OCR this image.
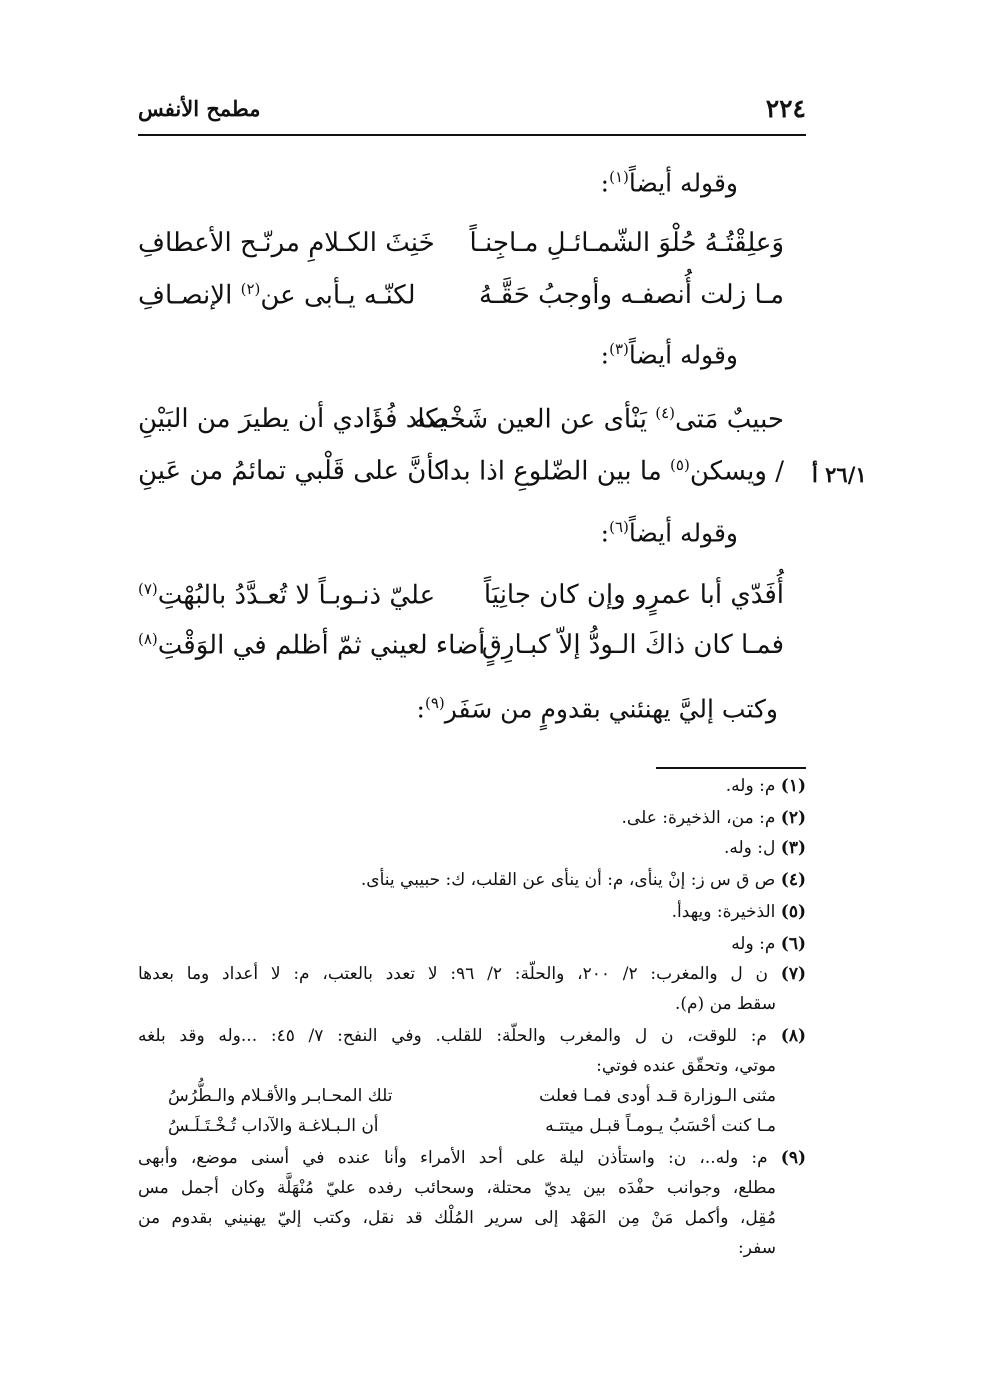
٢٢٤
مطمح الأنفس
وقوله أيضاً$^{(١)}$:
وَعلِقْتُـهُ حُلْوَ الشّمـائـلِ مـاجِنـاً
خَنِثَ الكـلامِ مرنّـح الأعطافِ
مـا زلت أُنصفـه وأوجبُ حَقَّـهُ
لكنّـه يـأبى عن$^{(٢)}$ الإنصـافِ
وقوله أيضاً$^{(٣)}$:
حبيبٌ مَتى$^{(٤)}$ يَنْأى عن العين شَخْصه
يكاد فُؤَادي أن يطيرَ من البَيْنِ
/ ويسكن$^{(٥)}$ ما بين الضّلوعِ اذا بدا
كأنَّ على قَلْبي تمائمُ من عَينِ	أ ٢٦/١
وقوله أيضاً$^{(٦)}$:
أُفَدّي أبا عمرٍو وإن كان جانِيَاً
عليّ ذنـوبـاً لا تُعـدَّدُ بالبُهْتِ$^{(٧)}$
فمـا كان ذاكَ الـودُّ إلاّ كبـارِقٍ
أضاء لعيني ثمّ أظلم في الوَقْتِ$^{(٨)}$
وكتب إليَّ يهنئني بقدومٍ من سَفَر$^{(٩)}$:
(١) م: وله.
(٢) م: من، الذخيرة: على.
(٣) ل: وله.
(٤) ص ق س ز: إنْ ينأى، م: أن ينأى عن القلب، ك: حبيبي ينأى.
(٥) الذخيرة: ويهدأ.
(٦) م: وله
(٧) ن ل والمغرب: ٢/ ٢٠٠، والحلّة: ٢/ ٩٦: لا تعدد بالعتب، م: لا أعداد وما بعدها
سقط من (م).
(٨) م: للوقت، ن ل والمغرب والحلّة: للقلب. وفي النفح: ٧/ ٤٥: ...وله وقد بلغه
موتي، وتحقّق عنده فوتي:
مثنى الـوزارة قـد أودى فمـا فعلت
تلك المحـابـر والأقـلام والـطُّرُسُ
مـا كنت أحْسَبُ يـومـاً قبـل ميتتـه
أن الـبـلاغـة والآداب تُـخْـتَـلَـسُ
(٩) م: وله..، ن: واستأذن ليلة على أحد الأمراء وأنا عنده في أسنى موضع، وأبهى
مطلع، وجوانب حفْدَه بين يديّ محتلة، وسحائب رفده عليّ مُنْهَلَّة وكان أجمل مس
مُقِل، وأكمل مَنْ مِن المَهْد إلى سرير المُلْك قد نقل، وكتب إليّ يهنيني بقدوم من
سفر:
